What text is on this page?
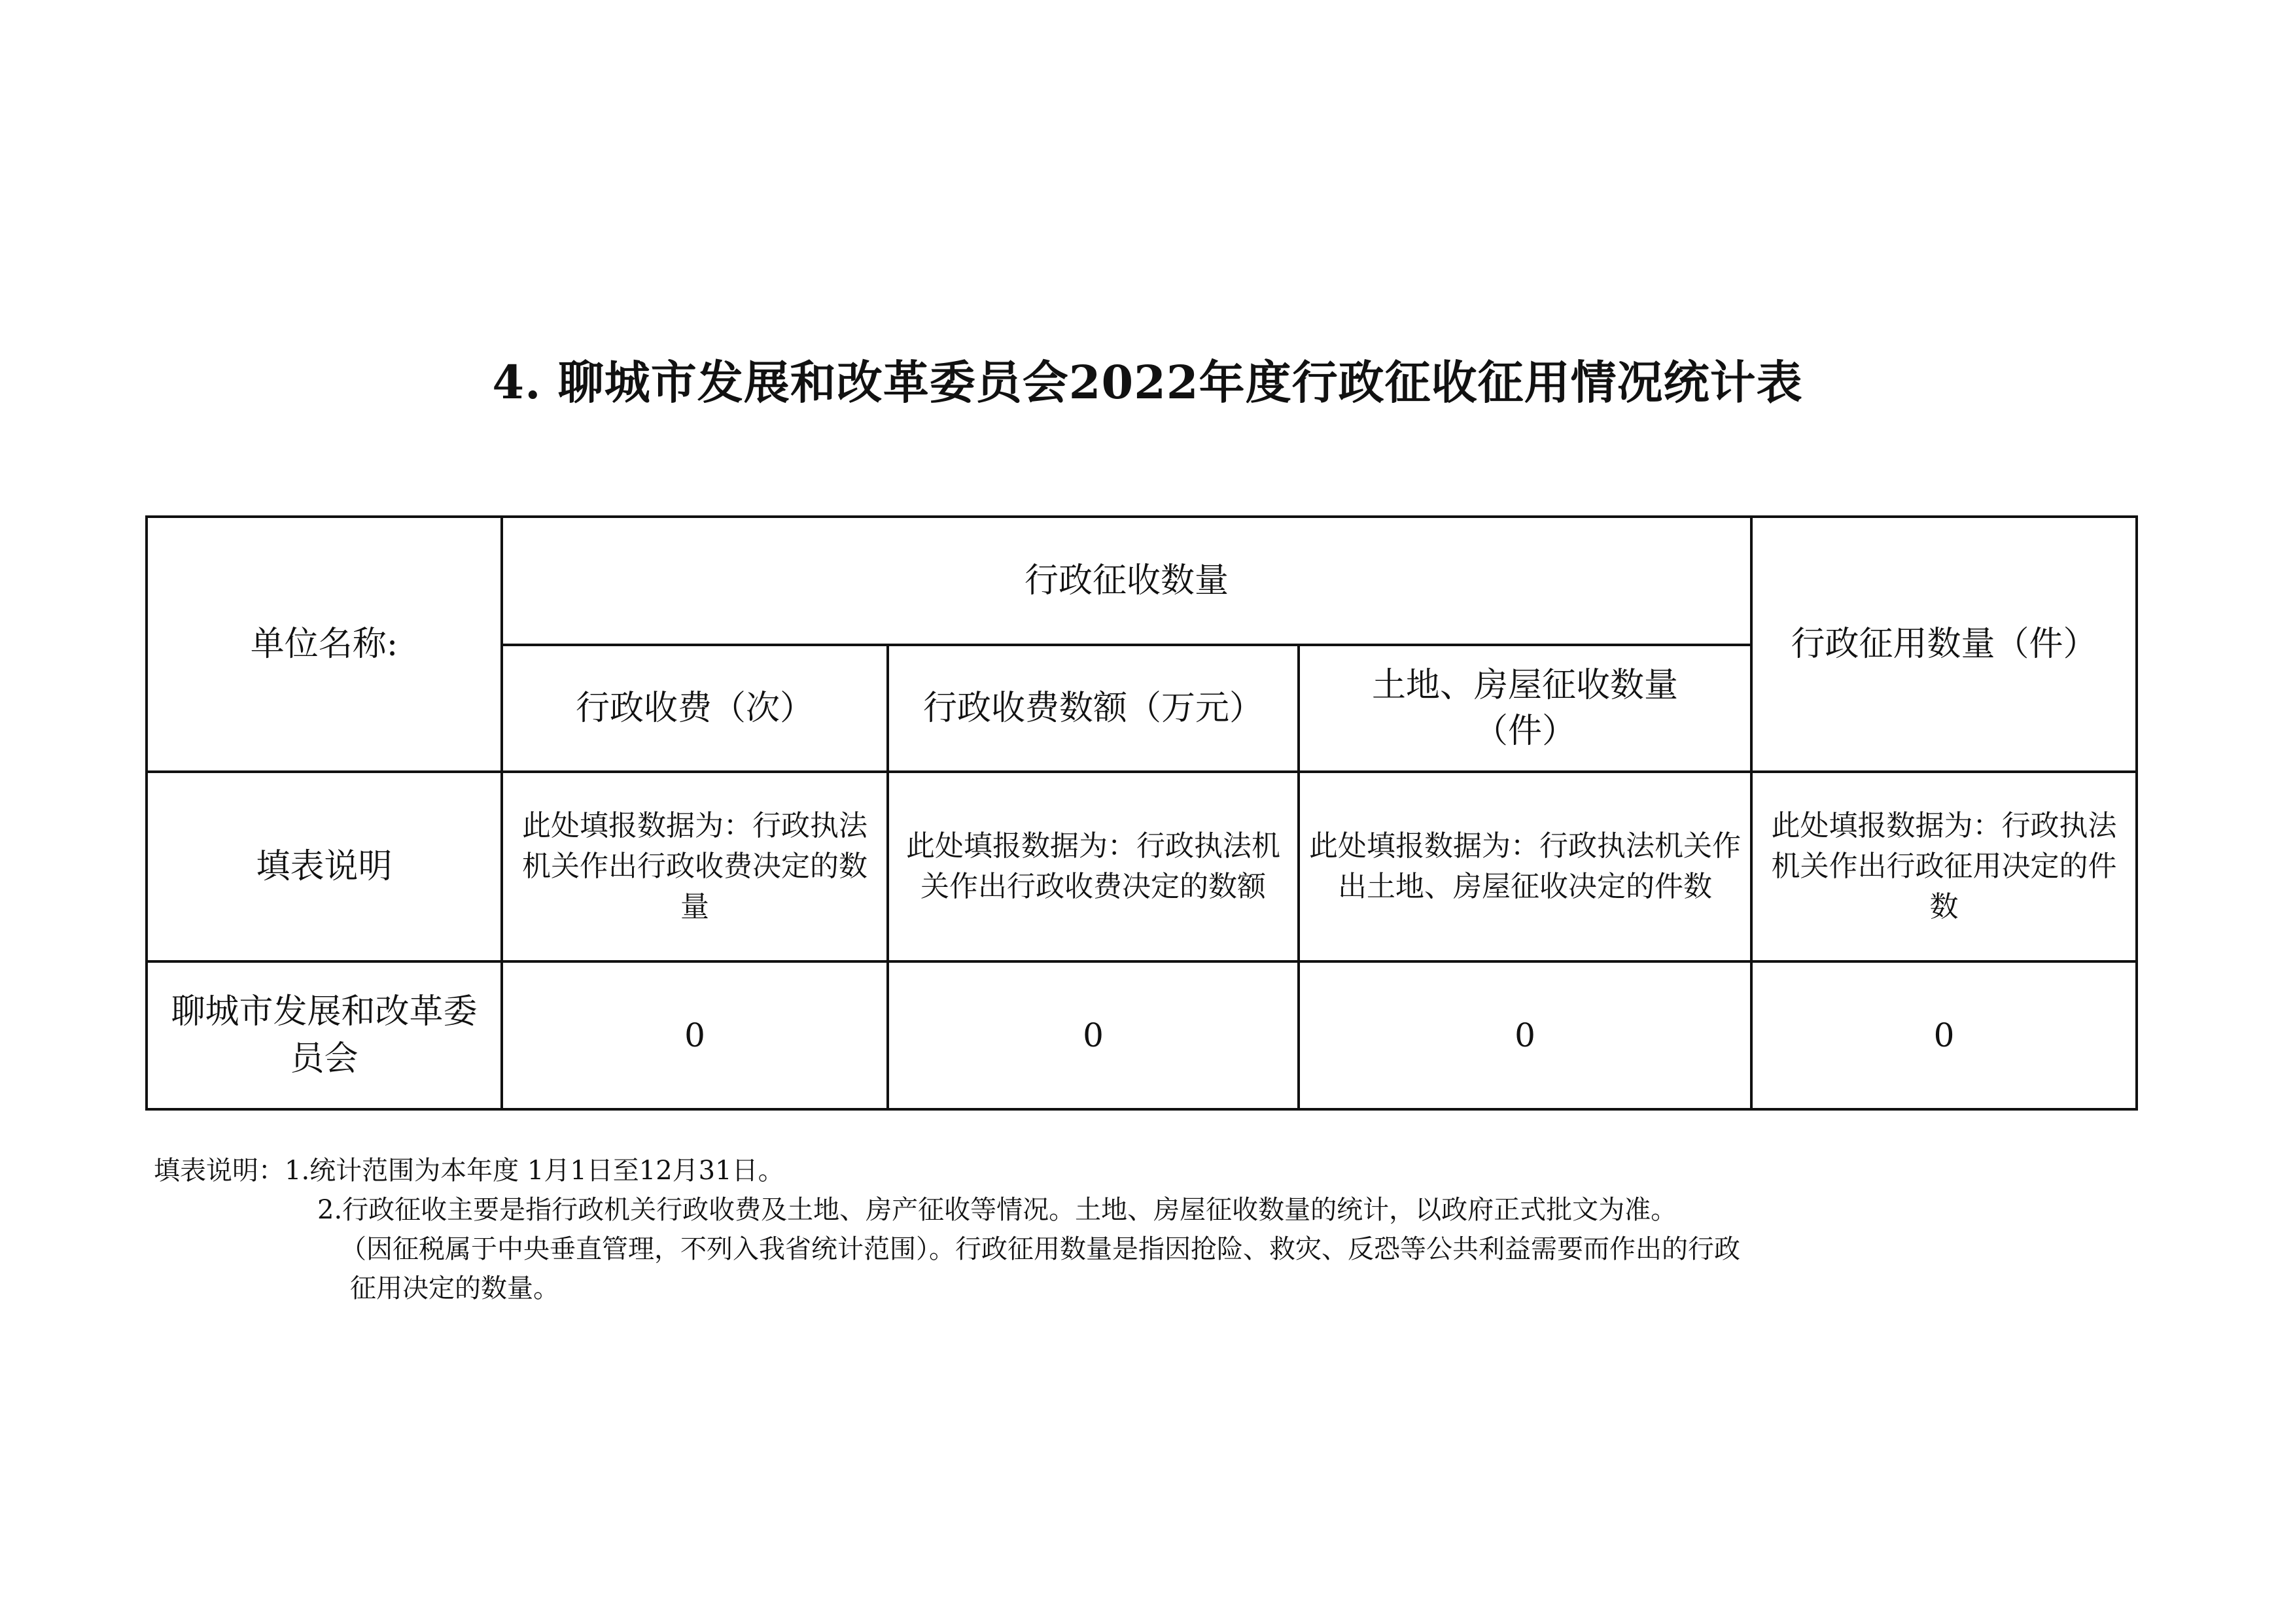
4. 聊城市发展和改革委员会2022年度行政征收征用情况统计表
单位名称:	行政征收数量			行政征用数量（件）
	行政收费（次）	行政收费数额（万元）	土地、房屋征收数量
（件）	

填表说明	此处填报数据为：行政执法机关作出行政收费决定的数量	此处填报数据为：行政执法机关作出行政收费决定的数额	此处填报数据为：行政执法机关作出土地、房屋征收决定的件数	此处填报数据为：行政执法机关作出行政征用决定的件数
聊城市发展和改革委员会	0	0	0	0
填表说明：1.统计范围为本年度 1月1日至12月31日。
2.行政征收主要是指行政机关行政收费及土地、房产征收等情况。土地、房屋征收数量的统计，以政府正式批文为准。
（因征税属于中央垂直管理，不列入我省统计范围）。行政征用数量是指因抢险、救灾、反恐等公共利益需要而作出的行政
征用决定的数量。
